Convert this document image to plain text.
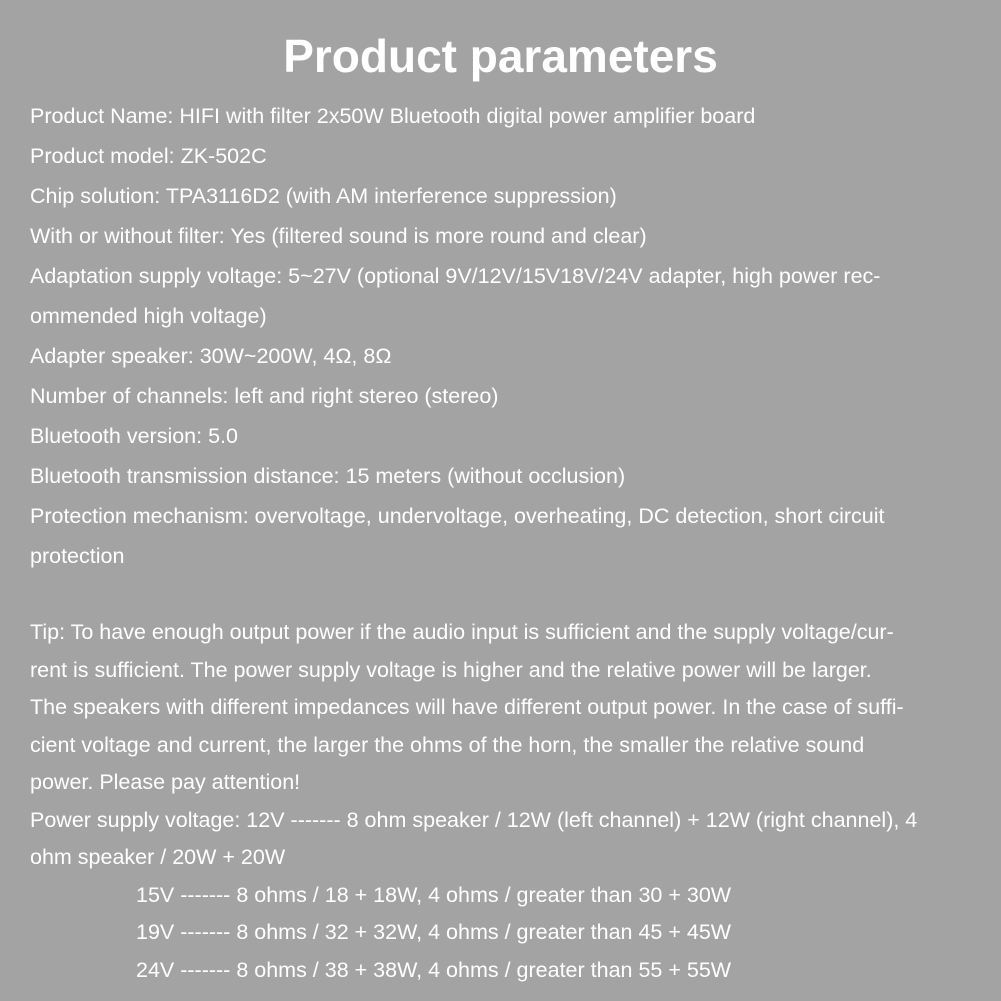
Product parameters
Product Name: HIFI with filter 2x50W Bluetooth digital power amplifier board
Product model: ZK-502C
Chip solution: TPA3116D2 (with AM interference suppression)
With or without filter: Yes (filtered sound is more round and clear)
Adaptation supply voltage: 5~27V (optional 9V/12V/15V18V/24V adapter, high power rec-
ommended high voltage)
Adapter speaker: 30W~200W, 4Ω, 8Ω
Number of channels: left and right stereo (stereo)
Bluetooth version: 5.0
Bluetooth transmission distance: 15 meters (without occlusion)
Protection mechanism: overvoltage, undervoltage, overheating, DC detection, short circuit
protection
Tip: To have enough output power if the audio input is sufficient and the supply voltage/cur-
rent is sufficient. The power supply voltage is higher and the relative power will be larger.
The speakers with different impedances will have different output power. In the case of suffi-
cient voltage and current, the larger the ohms of the horn, the smaller the relative sound
power. Please pay attention!
Power supply voltage: 12V ------- 8 ohm speaker / 12W (left channel) + 12W (right channel), 4
ohm speaker / 20W + 20W
15V ------- 8 ohms / 18 + 18W, 4 ohms / greater than 30 + 30W
19V ------- 8 ohms / 32 + 32W, 4 ohms / greater than 45 + 45W
24V ------- 8 ohms / 38 + 38W, 4 ohms / greater than 55 + 55W
